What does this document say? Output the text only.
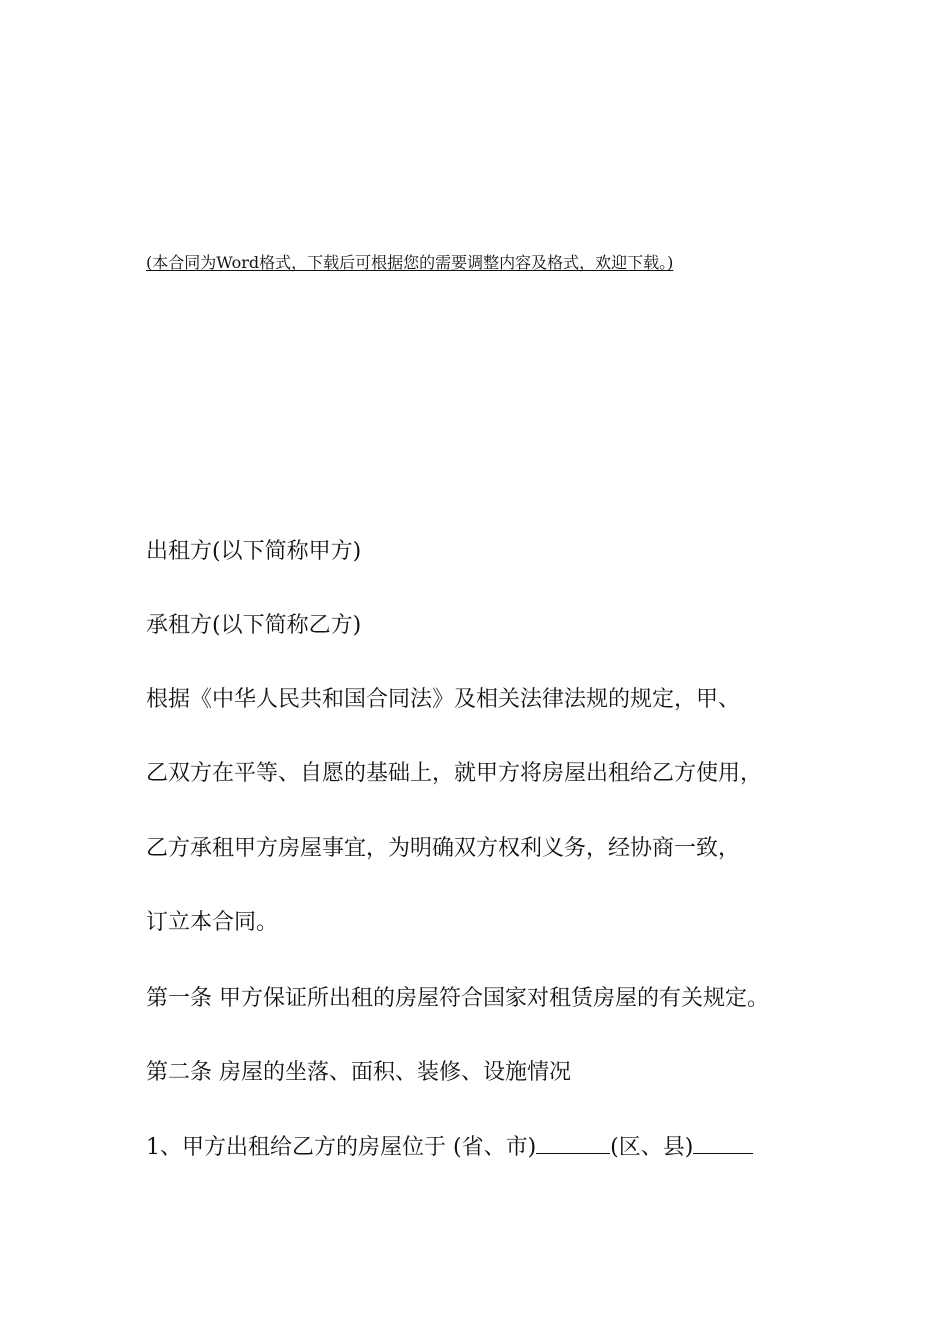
(本合同为Word格式，下载后可根据您的需要调整内容及格式，欢迎下载。)
出租方(以下简称甲方)
承租方(以下简称乙方)
根据《中华人民共和国合同法》及相关法律法规的规定，甲、
乙双方在平等、自愿的基础上，就甲方将房屋出租给乙方使用，
乙方承租甲方房屋事宜，为明确双方权利义务，经协商一致，
订立本合同。
第一条 甲方保证所出租的房屋符合国家对租赁房屋的有关规定。
第二条 房屋的坐落、面积、装修、设施情况
1、甲方出租给乙方的房屋位于 (省、市)	(区、县)
